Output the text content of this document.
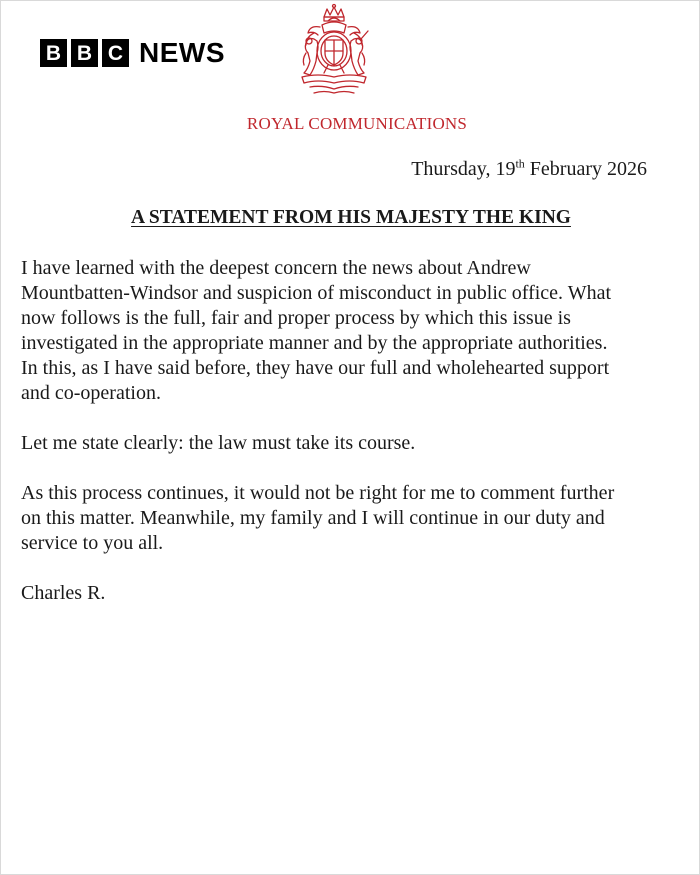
B B C NEWS
ROYAL COMMUNICATIONS
Thursday, 19th February 2026
A STATEMENT FROM HIS MAJESTY THE KING

I have learned with the deepest concern the news about Andrew
Mountbatten-Windsor and suspicion of misconduct in public office. What
now follows is the full, fair and proper process by which this issue is
investigated in the appropriate manner and by the appropriate authorities.
In this, as I have said before, they have our full and wholehearted support
and co-operation.

Let me state clearly: the law must take its course.

As this process continues, it would not be right for me to comment further
on this matter. Meanwhile, my family and I will continue in our duty and
service to you all.

Charles R.
